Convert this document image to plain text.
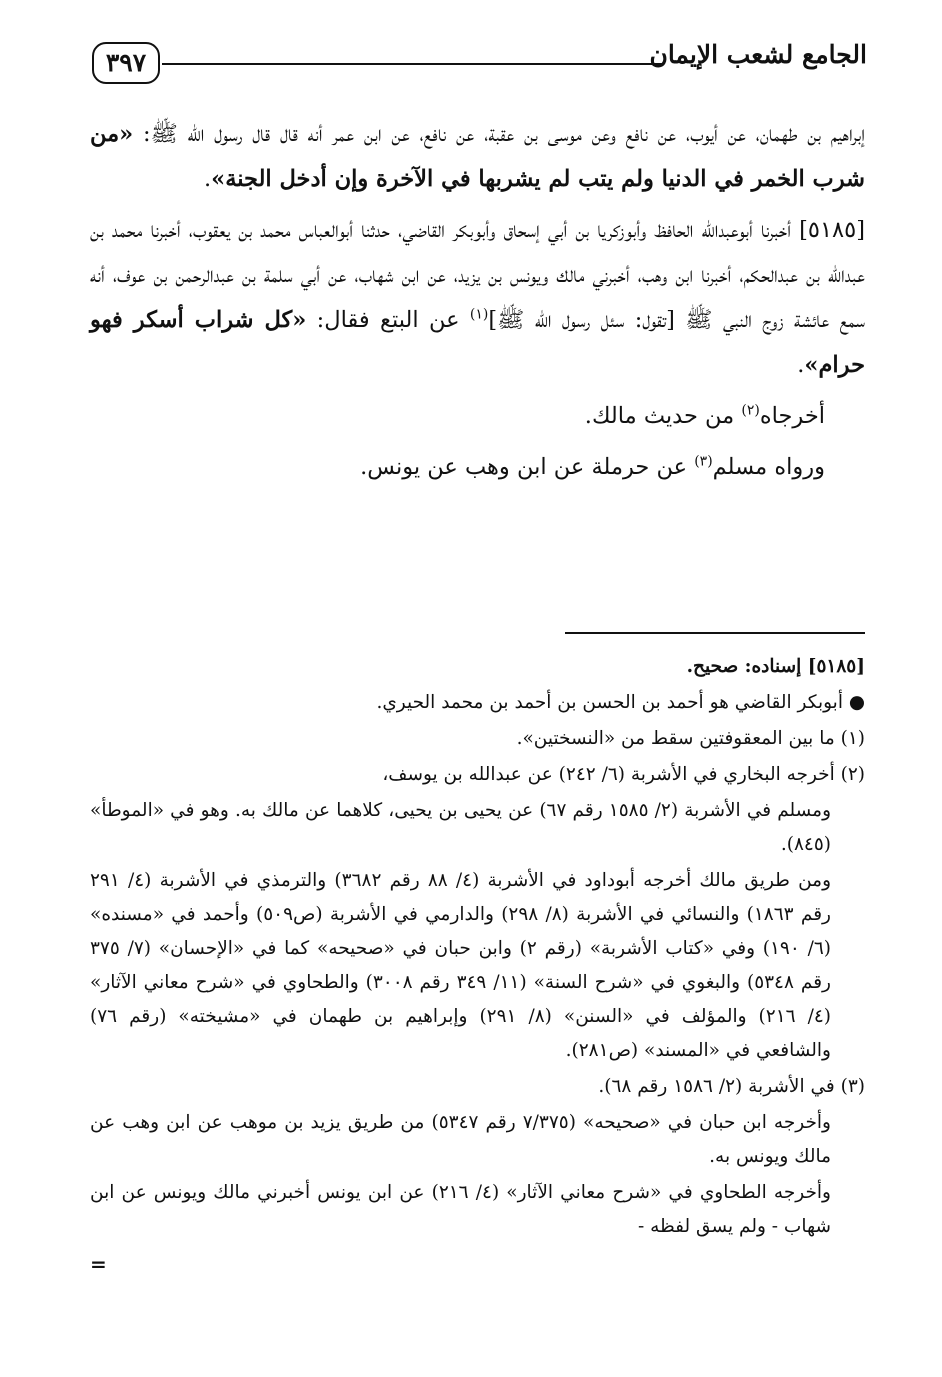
٣٩٧	الجامع لشعب الإيمان

إبراهيم بن طهمان، عن أيوب، عن نافع وعن موسى بن عقبة، عن نافع، عن ابن عمر أنه قال قال رسول الله ﷺ: «من شرب الخمر في الدنيا ولم يتب لم يشربها في الآخرة وإن أدخل الجنة».

[٥١٨٥] أخبرنا أبوعبدالله الحافظ وأبوزكريا بن أبي إسحاق وأبوبكر القاضي، حدثنا أبوالعباس محمد بن يعقوب، أخبرنا محمد بن عبدالله بن عبدالحكم، أخبرنا ابن وهب، أخبرني مالك ويونس بن يزيد، عن ابن شهاب، عن أبي سلمة بن عبدالرحمن بن عوف، أنه سمع عائشة زوج النبي ﷺ [تقول: سئل رسول الله ﷺ]$^{(١)}$ عن البتع فقال: «كل شراب أسكر فهو حرام».

أخرجاه$^{(٢)}$ من حديث مالك.

ورواه مسلم$^{(٣)}$ عن حرملة عن ابن وهب عن يونس.

[٥١٨٥] إسناده: صحيح.

● أبوبكر القاضي هو أحمد بن الحسن بن أحمد بن محمد الحيري.

(١) ما بين المعقوفتين سقط من «النسختين».

(٢) أخرجه البخاري في الأشربة (٦/ ٢٤٢) عن عبدالله بن يوسف،

ومسلم في الأشربة (٢/ ١٥٨٥ رقم ٦٧) عن يحيى بن يحيى، كلاهما عن مالك به. وهو في «الموطأ» (٨٤٥).

ومن طريق مالك أخرجه أبوداود في الأشربة (٤/ ٨٨ رقم ٣٦٨٢) والترمذي في الأشربة (٤/ ٢٩١ رقم ١٨٦٣) والنسائي في الأشربة (٨/ ٢٩٨) والدارمي في الأشربة (ص٥٠٩) وأحمد في «مسنده» (٦/ ١٩٠) وفي «كتاب الأشربة» (رقم ٢) وابن حبان في «صحيحه» كما في «الإحسان» (٧/ ٣٧٥ رقم ٥٣٤٨) والبغوي في «شرح السنة» (١١/ ٣٤٩ رقم ٣٠٠٨) والطحاوي في «شرح معاني الآثار» (٤/ ٢١٦) والمؤلف في «السنن» (٨/ ٢٩١) وإبراهيم بن طهمان في «مشيخته» (رقم ٧٦) والشافعي في «المسند» (ص٢٨١).

(٣) في الأشربة (٢/ ١٥٨٦ رقم ٦٨).

وأخرجه ابن حبان في «صحيحه» (٧/٣٧٥ رقم ٥٣٤٧) من طريق يزيد بن موهب عن ابن وهب عن مالك ويونس به.

وأخرجه الطحاوي في «شرح معاني الآثار» (٤/ ٢١٦) عن ابن يونس أخبرني مالك ويونس عن ابن شهاب - ولم يسق لفظه -

=
